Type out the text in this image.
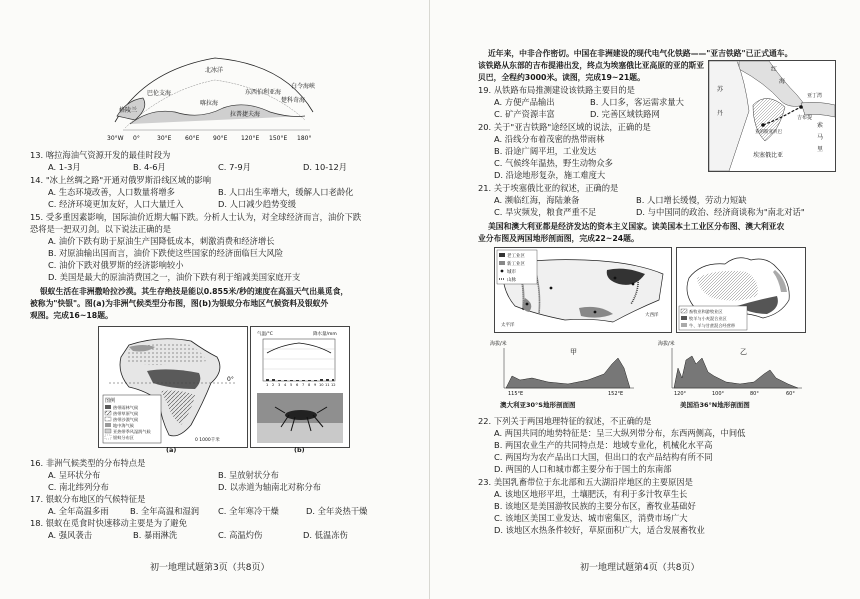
北冰洋
巴伦支海
喀拉海
东西伯利亚海
楚科奇海
拉普捷夫海
格陵兰
白令海峡
30°W 0°	30°E 60°E 90°E 120°E 150°E 180°
13. 喀拉海油气资源开发的最佳时段为
A. 1-3月	B. 4-6月	C. 7-9月	D. 10-12月
14. "冰上丝绸之路"开通对俄罗斯沿线区域的影响
A. 生态环境改善，人口数量将增多	B. 人口出生率增大，缓解人口老龄化
C. 经济环境更加友好，人口大量迁入	D. 人口减少趋势变缓
15. 受多重因素影响，国际油价近期大幅下跌。分析人士认为，对全球经济而言，油价下跌
恐将是一把双刃剑。以下说法正确的是
A. 油价下跌有助于原油生产国降低成本，刺激消费和经济增长
B. 对原油输出国而言，油价下跌使这些国家的经济面临巨大风险
C. 油价下跌对俄罗斯的经济影响较小
D. 美国是最大的原油消费国之一，油价下跌有利于缩减美国家庭开支
银蚁生活在非洲撒哈拉沙漠。其生存绝技是能以0.855米/秒的速度在高温天气出巢觅食，
被称为"快银"。图(a)为非洲气候类型分布图，图(b)为银蚁分布地区气候资料及银蚁外
观图。完成16~18题。
0°
图例
热带雨林气候
热带草原气候
热带沙漠气候
地中海气候
亚热带季风湿润气候
银蚁分布区
0 1000千米
(a)
气温/°C	降水量/mm
1 2 3 4 5 6 7 8 9 10 11 12
(b)
16. 非洲气候类型的分布特点是
A. 呈环状分布	B. 呈放射状分布
C. 南北纬列分布	D. 以赤道为轴南北对称分布
17. 银蚁分布地区的气候特征是
A. 全年高温多雨	B. 全年高温和湿润 C. 全年寒冷干燥	D. 全年炎热干燥
18. 银蚁在觅食时快速移动主要是为了避免
A. 强风袭击	B. 暴雨淋洗	C. 高温灼伤	D. 低温冻伤
初一地理试题第3页（共8页）
近年来，中非合作密切。中国在非洲建设的现代电气化铁路——"亚吉铁路"已正式通车。
该铁路从东部的吉布提港出发，终点为埃塞俄比亚高原的亚的斯亚
贝巴，全程约3000米。读图，完成19~21题。
苏
丹
红
海
亚丁湾
吉布提
索
马
里
亚的斯亚贝巴
埃塞俄比亚
19. 从铁路布局推测建设该铁路主要目的是
A. 方便产品输出	B. 人口多，客运需求量大
C. 矿产资源丰富	D. 完善区域铁路网
20. 关于"亚吉铁路"途经区域的说法，正确的是
A. 沿线分布着茂密的热带雨林
B. 沿途广阔平坦，工业发达
C. 气候终年温热，野生动物众多
D. 沿途地形复杂，施工难度大
21. 关于埃塞俄比亚的叙述，正确的是
A. 濒临红海，海陆兼备	B. 人口增长缓慢，劳动力短缺
C. 旱灾频发，粮食严重不足	D. 与中国同的政治、经济商谈称为"南北对话"
美国和澳大利亚都是经济发达的资本主义国家。读美国本土工业区分布图、澳大利亚农
业分布图及两国地形剖面图，完成22~24题。
老工业区
新工业区
城市
山脉
太平洋
大西洋
畜牧业和游牧业区
牧羊与小麦混合业区
牛、羊与甘蔗混合经营带
海拔/米
甲
115°E	152°E
澳大利亚30°S地形剖面图
海拔/米
乙
120°	100°	80°	60°
美国沿36°N地形剖面图
22. 下列关于两国地理特征的叙述，不正确的是
A. 两国共同的地势特征是：呈三大纵列带分布，东西两侧高，中间低
B. 两国农业生产的共同特点是：地域专业化，机械化水平高
C. 两国均为农产品出口大国，但出口的农产品结构有所不同
D. 两国的人口和城市都主要分布于国土的东南部
23. 美国乳畜带位于东北部和五大湖沿岸地区的主要原因是
A. 该地区地形平坦，土壤肥沃，有利于多汁牧草生长
B. 该地区是美国游牧民族的主要分布区，畜牧业基础好
C. 该地区美国工业发达、城市密集区，消费市场广大
D. 该地区水热条件较好，草原面积广大，适合发展畜牧业
初一地理试题第4页（共8页）
